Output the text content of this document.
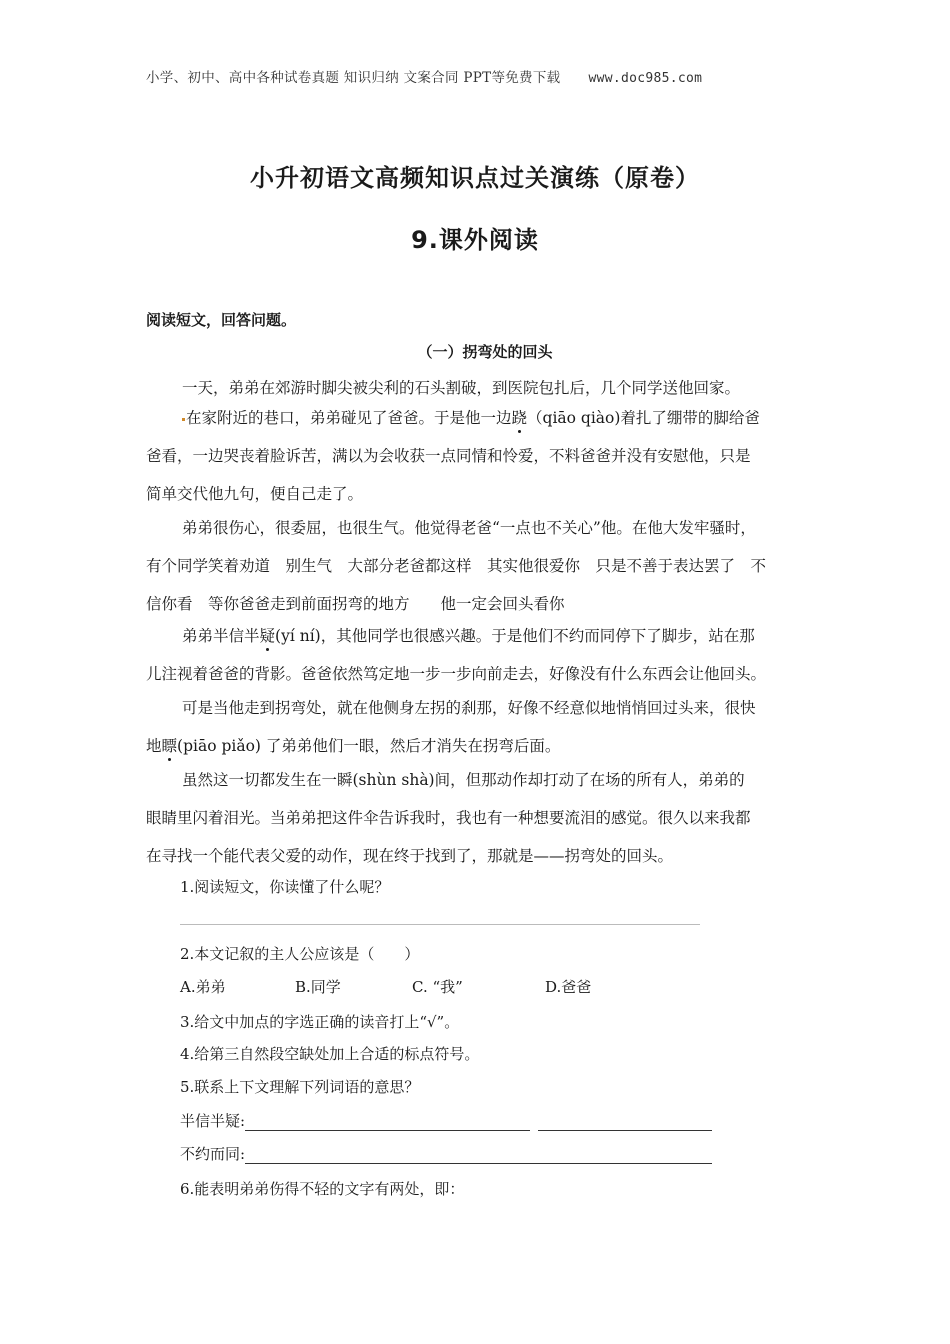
小学、初中、高中各种试卷真题 知识归纳 文案合同 PPT等免费下载 www.doc985.com
小升初语文高频知识点过关演练（原卷）
9.课外阅读
阅读短文，回答问题。
（一）拐弯处的回头
一天，弟弟在郊游时脚尖被尖利的石头割破，到医院包扎后，几个同学送他回家。
在家附近的巷口，弟弟碰见了爸爸。于是他一边跷（qiāo qiào)着扎了绷带的脚给爸
爸看，一边哭丧着脸诉苦，满以为会收获一点同情和怜爱，不料爸爸并没有安慰他，只是
简单交代他九句，便自己走了。
弟弟很伤心，很委屈，也很生气。他觉得老爸“一点也不关心”他。在他大发牢骚时，
有个同学笑着劝道　别生气　大部分老爸都这样　其实他很爱你　只是不善于表达罢了　不
信你看　等你爸爸走到前面拐弯的地方　　他一定会回头看你
弟弟半信半疑(yí ní)，其他同学也很感兴趣。于是他们不约而同停下了脚步，站在那
儿注视着爸爸的背影。爸爸依然笃定地一步一步向前走去，好像没有什么东西会让他回头。
可是当他走到拐弯处，就在他侧身左拐的刹那，好像不经意似地悄悄回过头来，很快
地瞟(piāo piǎo) 了弟弟他们一眼，然后才消失在拐弯后面。
虽然这一切都发生在一瞬(shùn shà)间，但那动作却打动了在场的所有人，弟弟的
眼睛里闪着泪光。当弟弟把这件伞告诉我时，我也有一种想要流泪的感觉。很久以来我都
在寻找一个能代表父爱的动作，现在终于找到了，那就是——拐弯处的回头。
1.阅读短文，你读懂了什么呢？
2.本文记叙的主人公应该是（　　）
A.弟弟	B.同学	C. “我”	D.爸爸
3.给文中加点的字选正确的读音打上“√”。
4.给第三自然段空缺处加上合适的标点符号。
5.联系上下文理解下列词语的意思？
半信半疑:
不约而同:
6.能表明弟弟伤得不轻的文字有两处，即：
